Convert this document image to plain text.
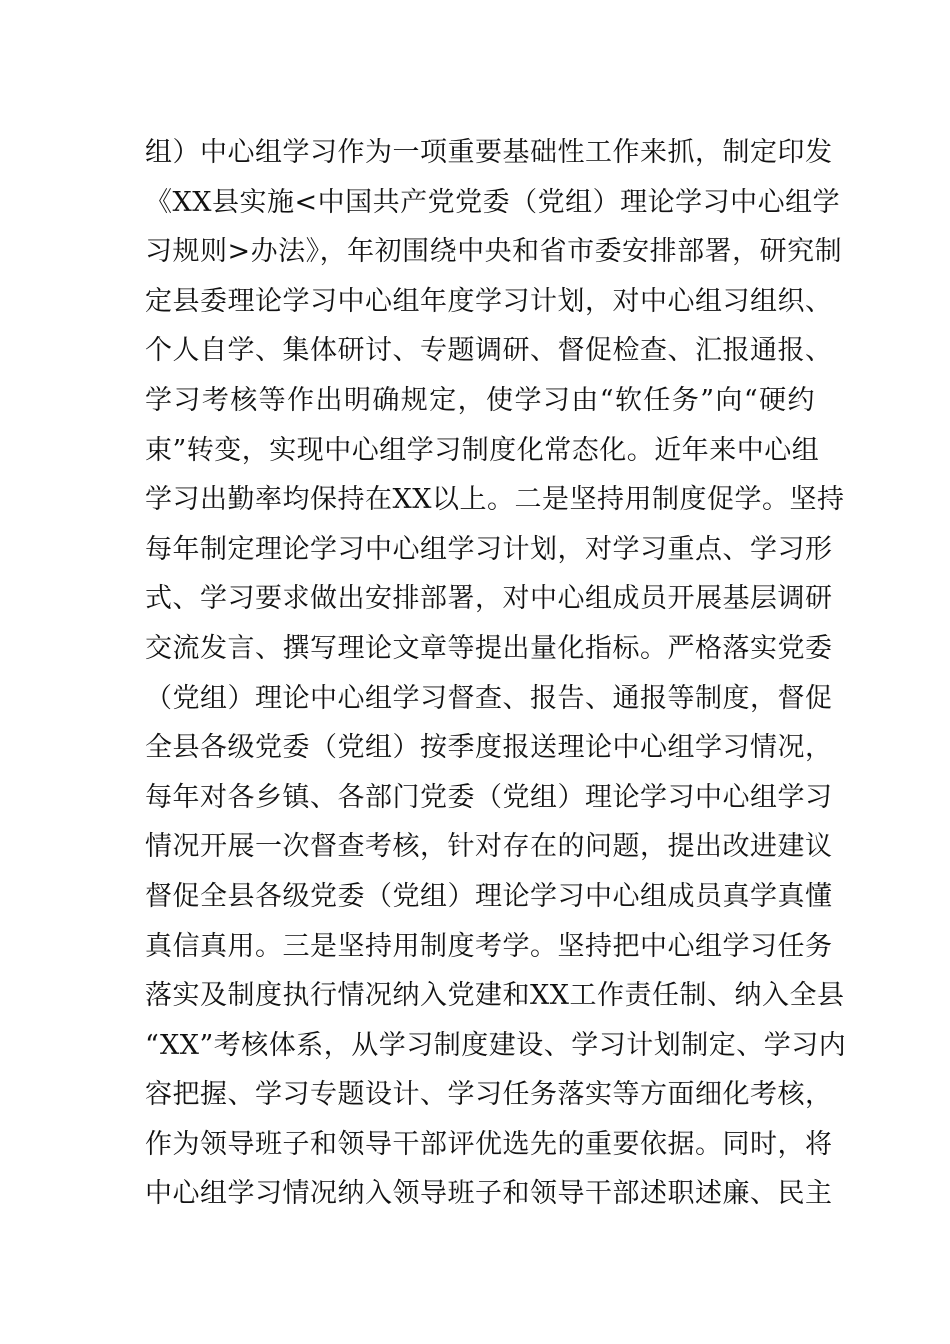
组）中心组学习作为一项重要基础性工作来抓，制定印发
《XX县实施<中国共产党党委（党组）理论学习中心组学
习规则>办法》，年初围绕中央和省市委安排部署，研究制
定县委理论学习中心组年度学习计划，对中心组习组织、
个人自学、集体研讨、专题调研、督促检查、汇报通报、
学习考核等作出明确规定，使学习由“软任务”向“硬约
束”转变，实现中心组学习制度化常态化。近年来中心组
学习出勤率均保持在XX以上。二是坚持用制度促学。坚持
每年制定理论学习中心组学习计划，对学习重点、学习形
式、学习要求做出安排部署，对中心组成员开展基层调研
交流发言、撰写理论文章等提出量化指标。严格落实党委
（党组）理论中心组学习督查、报告、通报等制度，督促
全县各级党委（党组）按季度报送理论中心组学习情况，
每年对各乡镇、各部门党委（党组）理论学习中心组学习
情况开展一次督查考核，针对存在的问题，提出改进建议
督促全县各级党委（党组）理论学习中心组成员真学真懂
真信真用。三是坚持用制度考学。坚持把中心组学习任务
落实及制度执行情况纳入党建和XX工作责任制、纳入全县
“XX”考核体系，从学习制度建设、学习计划制定、学习内
容把握、学习专题设计、学习任务落实等方面细化考核，
作为领导班子和领导干部评优选先的重要依据。同时，将
中心组学习情况纳入领导班子和领导干部述职述廉、民主
